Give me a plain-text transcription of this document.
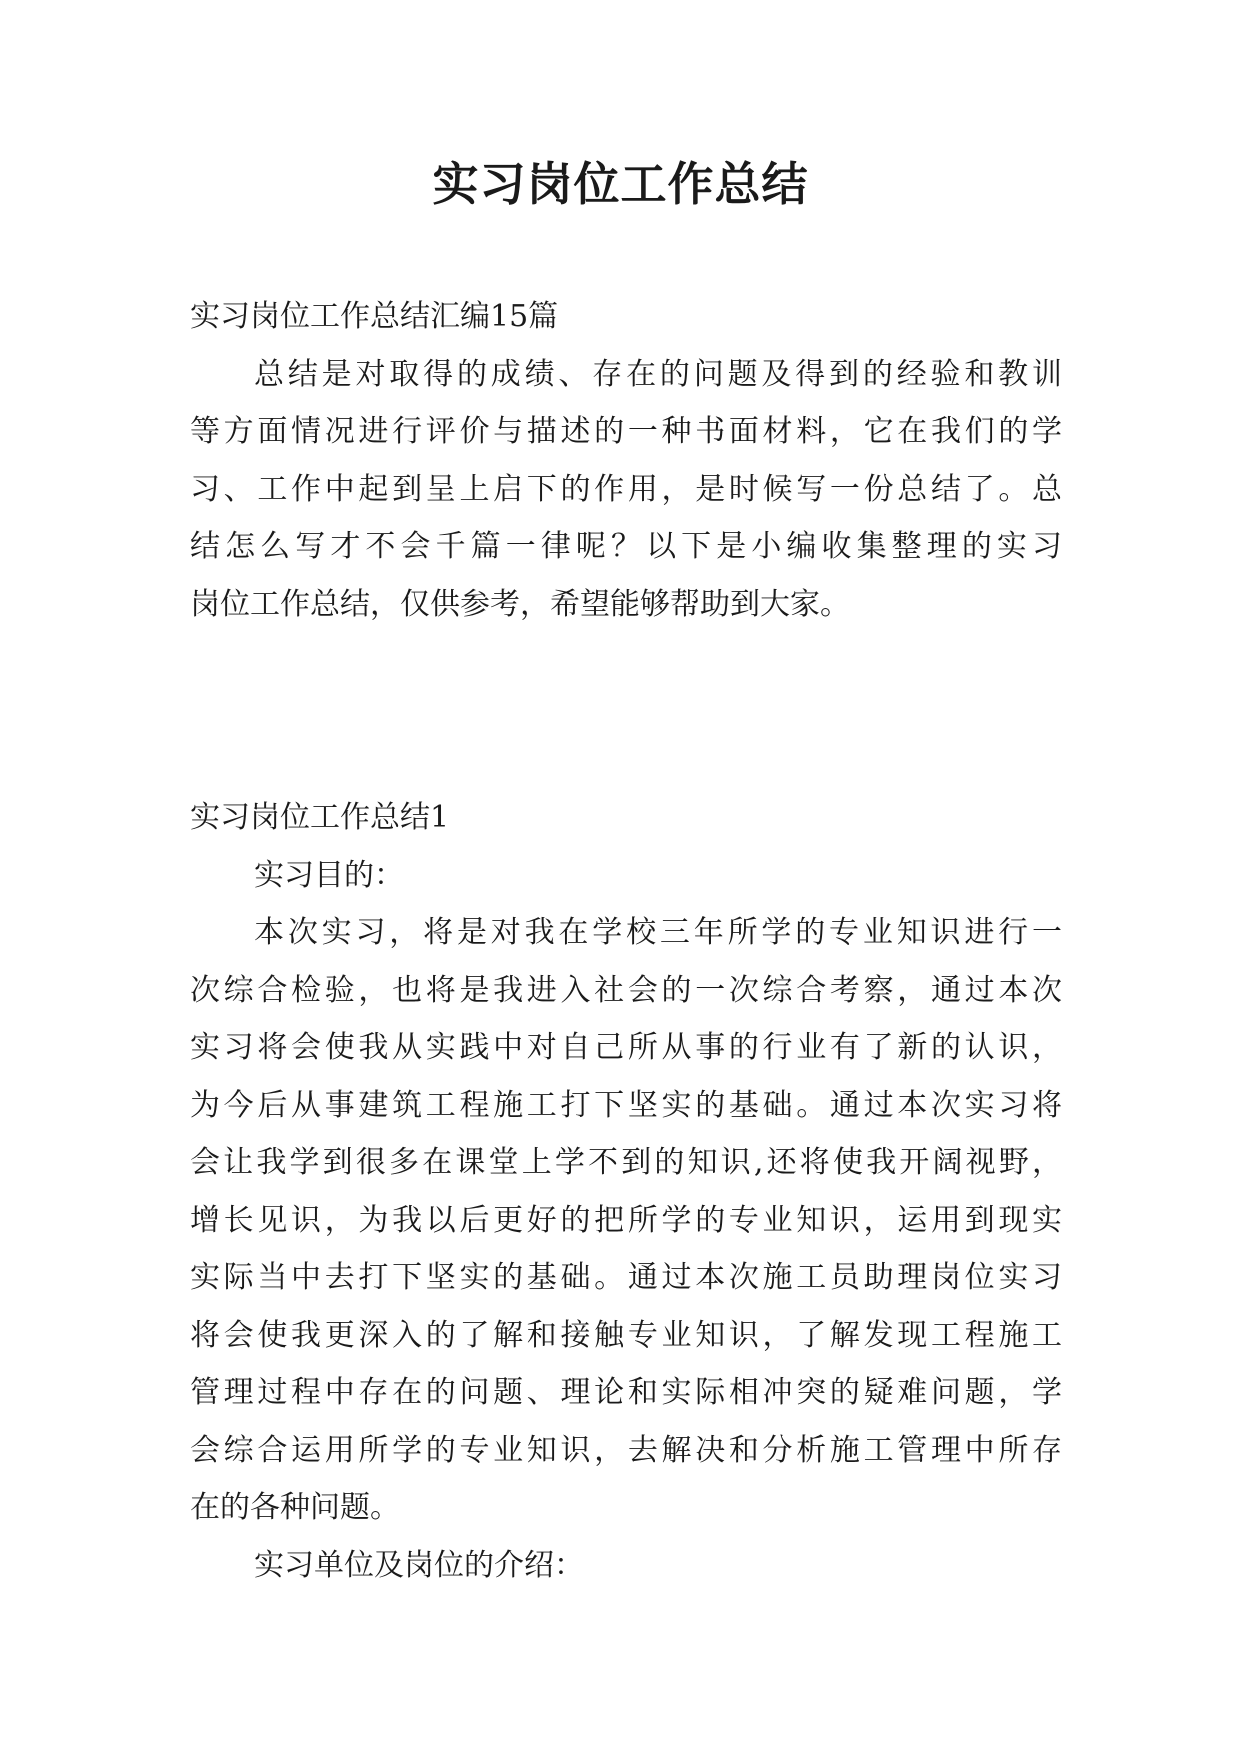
实习岗位工作总结

实习岗位工作总结汇编15篇

总结是对取得的成绩、存在的问题及得到的经验和教训

等方面情况进行评价与描述的一种书面材料，它在我们的学

习、工作中起到呈上启下的作用，是时候写一份总结了。总

结怎么写才不会千篇一律呢？以下是小编收集整理的实习

岗位工作总结，仅供参考，希望能够帮助到大家。

实习岗位工作总结1

实习目的：

本次实习，将是对我在学校三年所学的专业知识进行一

次综合检验，也将是我进入社会的一次综合考察，通过本次

实习将会使我从实践中对自己所从事的行业有了新的认识，

为今后从事建筑工程施工打下坚实的基础。通过本次实习将

会让我学到很多在课堂上学不到的知识,还将使我开阔视野，

增长见识，为我以后更好的把所学的专业知识，运用到现实

实际当中去打下坚实的基础。通过本次施工员助理岗位实习

将会使我更深入的了解和接触专业知识，了解发现工程施工

管理过程中存在的问题、理论和实际相冲突的疑难问题，学

会综合运用所学的专业知识，去解决和分析施工管理中所存

在的各种问题。

实习单位及岗位的介绍：
